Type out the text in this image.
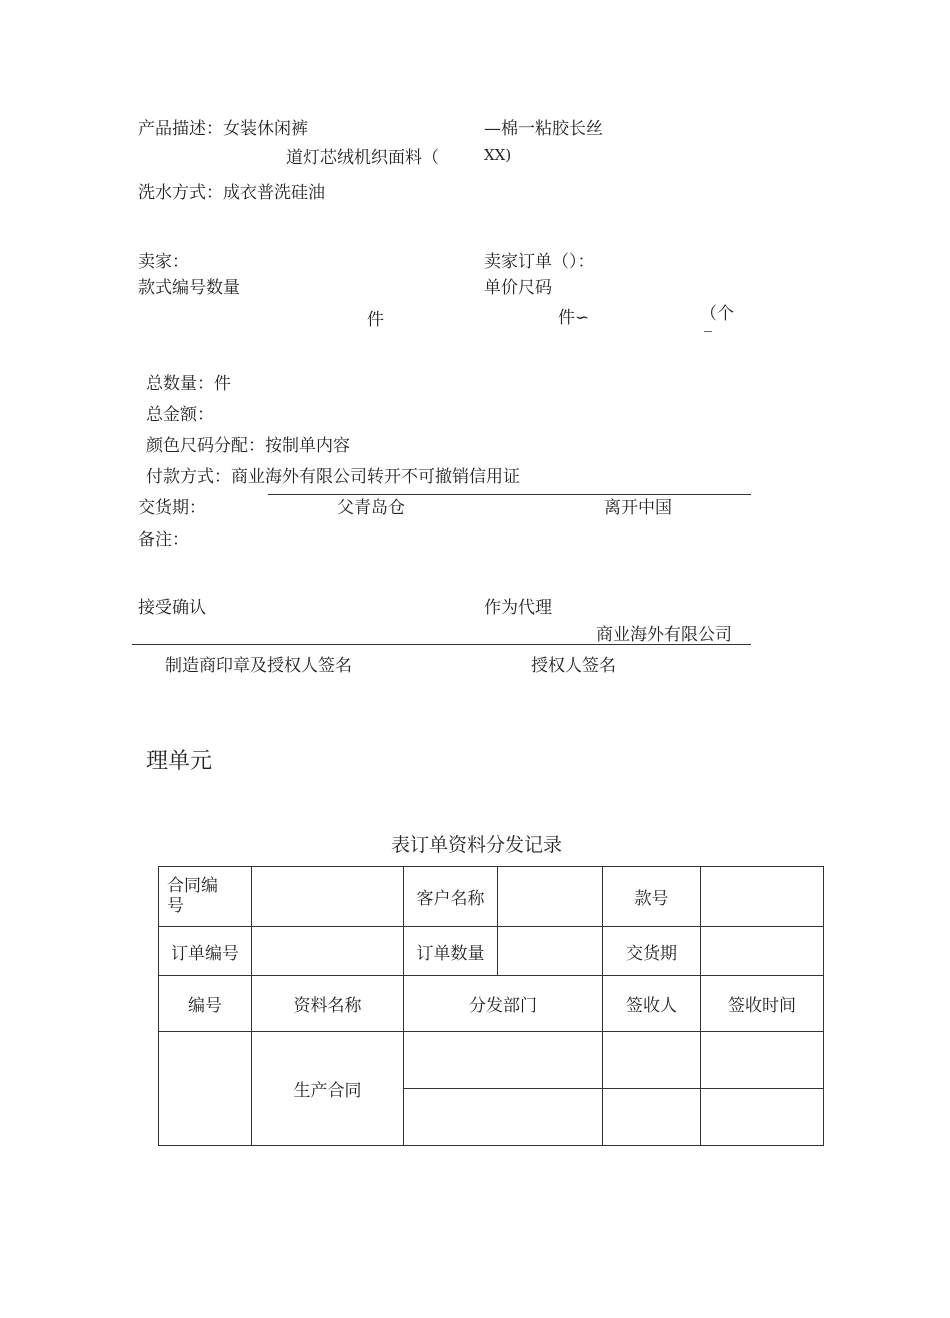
产品描述：女装休闲裤	—棉一粘胶长丝
道灯芯绒机织面料（	XX)
洗水方式：成衣普洗硅油
卖家：	卖家订单（）：
款式编号数量	单价尺码
件	件∽	（个
总数量：件
总金额：
颜色尺码分配：按制单内容
付款方式：商业海外有限公司转开不可撤销信用证
交货期：	父青岛仓	离开中国
备注：
接受确认	作为代理
商业海外有限公司
制造商印章及授权人签名	授权人签名
理单元
表订单资料分发记录
合同编号		客户名称		款号	
订单编号		订单数量		交货期	
编号	资料名称	分发部门		签收人	签收时间
	生产合同				
